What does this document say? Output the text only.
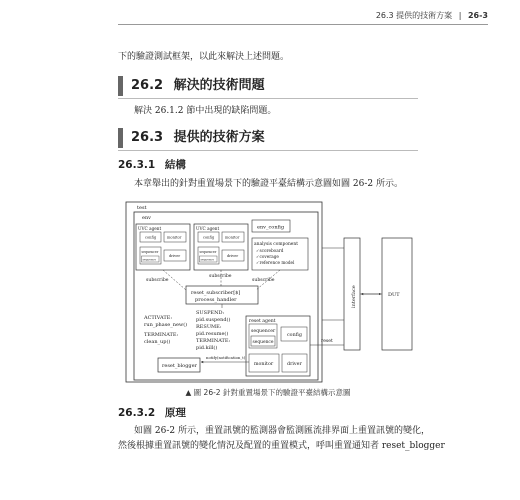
26.3 提供的技術方案 | 26-3
下的驗證測試框架，以此來解決上述問題。
26.2 解決的技術問題
解決 26.1.2 節中出現的缺陷問題。
26.3 提供的技術方案
26.3.1 結構
本章舉出的針對重置場景下的驗證平臺結構示意圖如圖 26-2 所示。
test
env
UVC agent
config	monitor
sequencer
sequence
driver
UVC agent
config	monitor
sequencer
sequence
driver
env_config
analysis component
✓scoreboard
✓coverage
✓reference model
subscribe
subscribe
subscribe
reset_subscriber[$]
process_handler
ACTIVATE:
run_phase_new()
TERMINATE:
clean_up()
SUSPEND:
pid.suspend()
RESUME:
pid.resume()
TERMINATE:
pid.kill()
reset agent
sequencer
sequence
config
monitor	driver
reset_blogger
notify(notification_t)
interface	DUT
reset
▲ 圖 26-2 針對重置場景下的驗證平臺結構示意圖
26.3.2 原理
如圖 26-2 所示，重置訊號的監測器會監測匯流排界面上重置訊號的變化，
然後根據重置訊號的變化情況及配置的重置模式，呼叫重置通知者 reset_blogger
